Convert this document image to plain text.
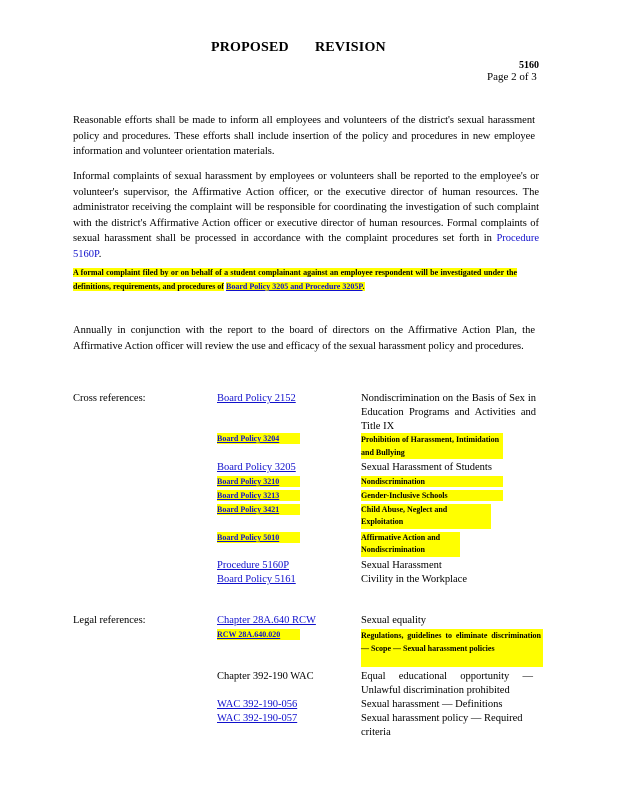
PROPOSED REVISION
5160
Page 2 of 3
Reasonable efforts shall be made to inform all employees and volunteers of the district's sexual harassment policy and procedures. These efforts shall include insertion of the policy and procedures in new employee information and volunteer orientation materials.
Informal complaints of sexual harassment by employees or volunteers shall be reported to the employee's or volunteer's supervisor, the Affirmative Action officer, or the executive director of human resources. The administrator receiving the complaint will be responsible for coordinating the investigation of such complaint with the district's Affirmative Action officer or executive director of human resources. Formal complaints of sexual harassment shall be processed in accordance with the complaint procedures set forth in Procedure 5160P.
A formal complaint filed by or on behalf of a student complainant against an employee respondent will be investigated under the definitions, requirements, and procedures of Board Policy 3205 and Procedure 3205P.
Annually in conjunction with the report to the board of directors on the Affirmative Action Plan, the Affirmative Action officer will review the use and efficacy of the sexual harassment policy and procedures.
Cross references:	Board Policy 2152	Nondiscrimination on the Basis of Sex in Education Programs and Activities and Title IX
Board Policy 3204	Prohibition of Harassment, Intimidation and Bullying
Board Policy 3205	Sexual Harassment of Students
Board Policy 3210	Nondiscrimination
Board Policy 3213	Gender-Inclusive Schools
Board Policy 3421	Child Abuse, Neglect and Exploitation
Board Policy 5010	Affirmative Action and Nondiscrimination
Procedure 5160P	Sexual Harassment
Board Policy 5161	Civility in the Workplace
Legal references:	Chapter 28A.640 RCW	Sexual equality
RCW 28A.640.020	Regulations, guidelines to eliminate discrimination — Scope — Sexual harassment policies
Chapter 392-190 WAC	Equal educational opportunity — Unlawful discrimination prohibited
WAC 392-190-056	Sexual harassment — Definitions
WAC 392-190-057	Sexual harassment policy — Required criteria
